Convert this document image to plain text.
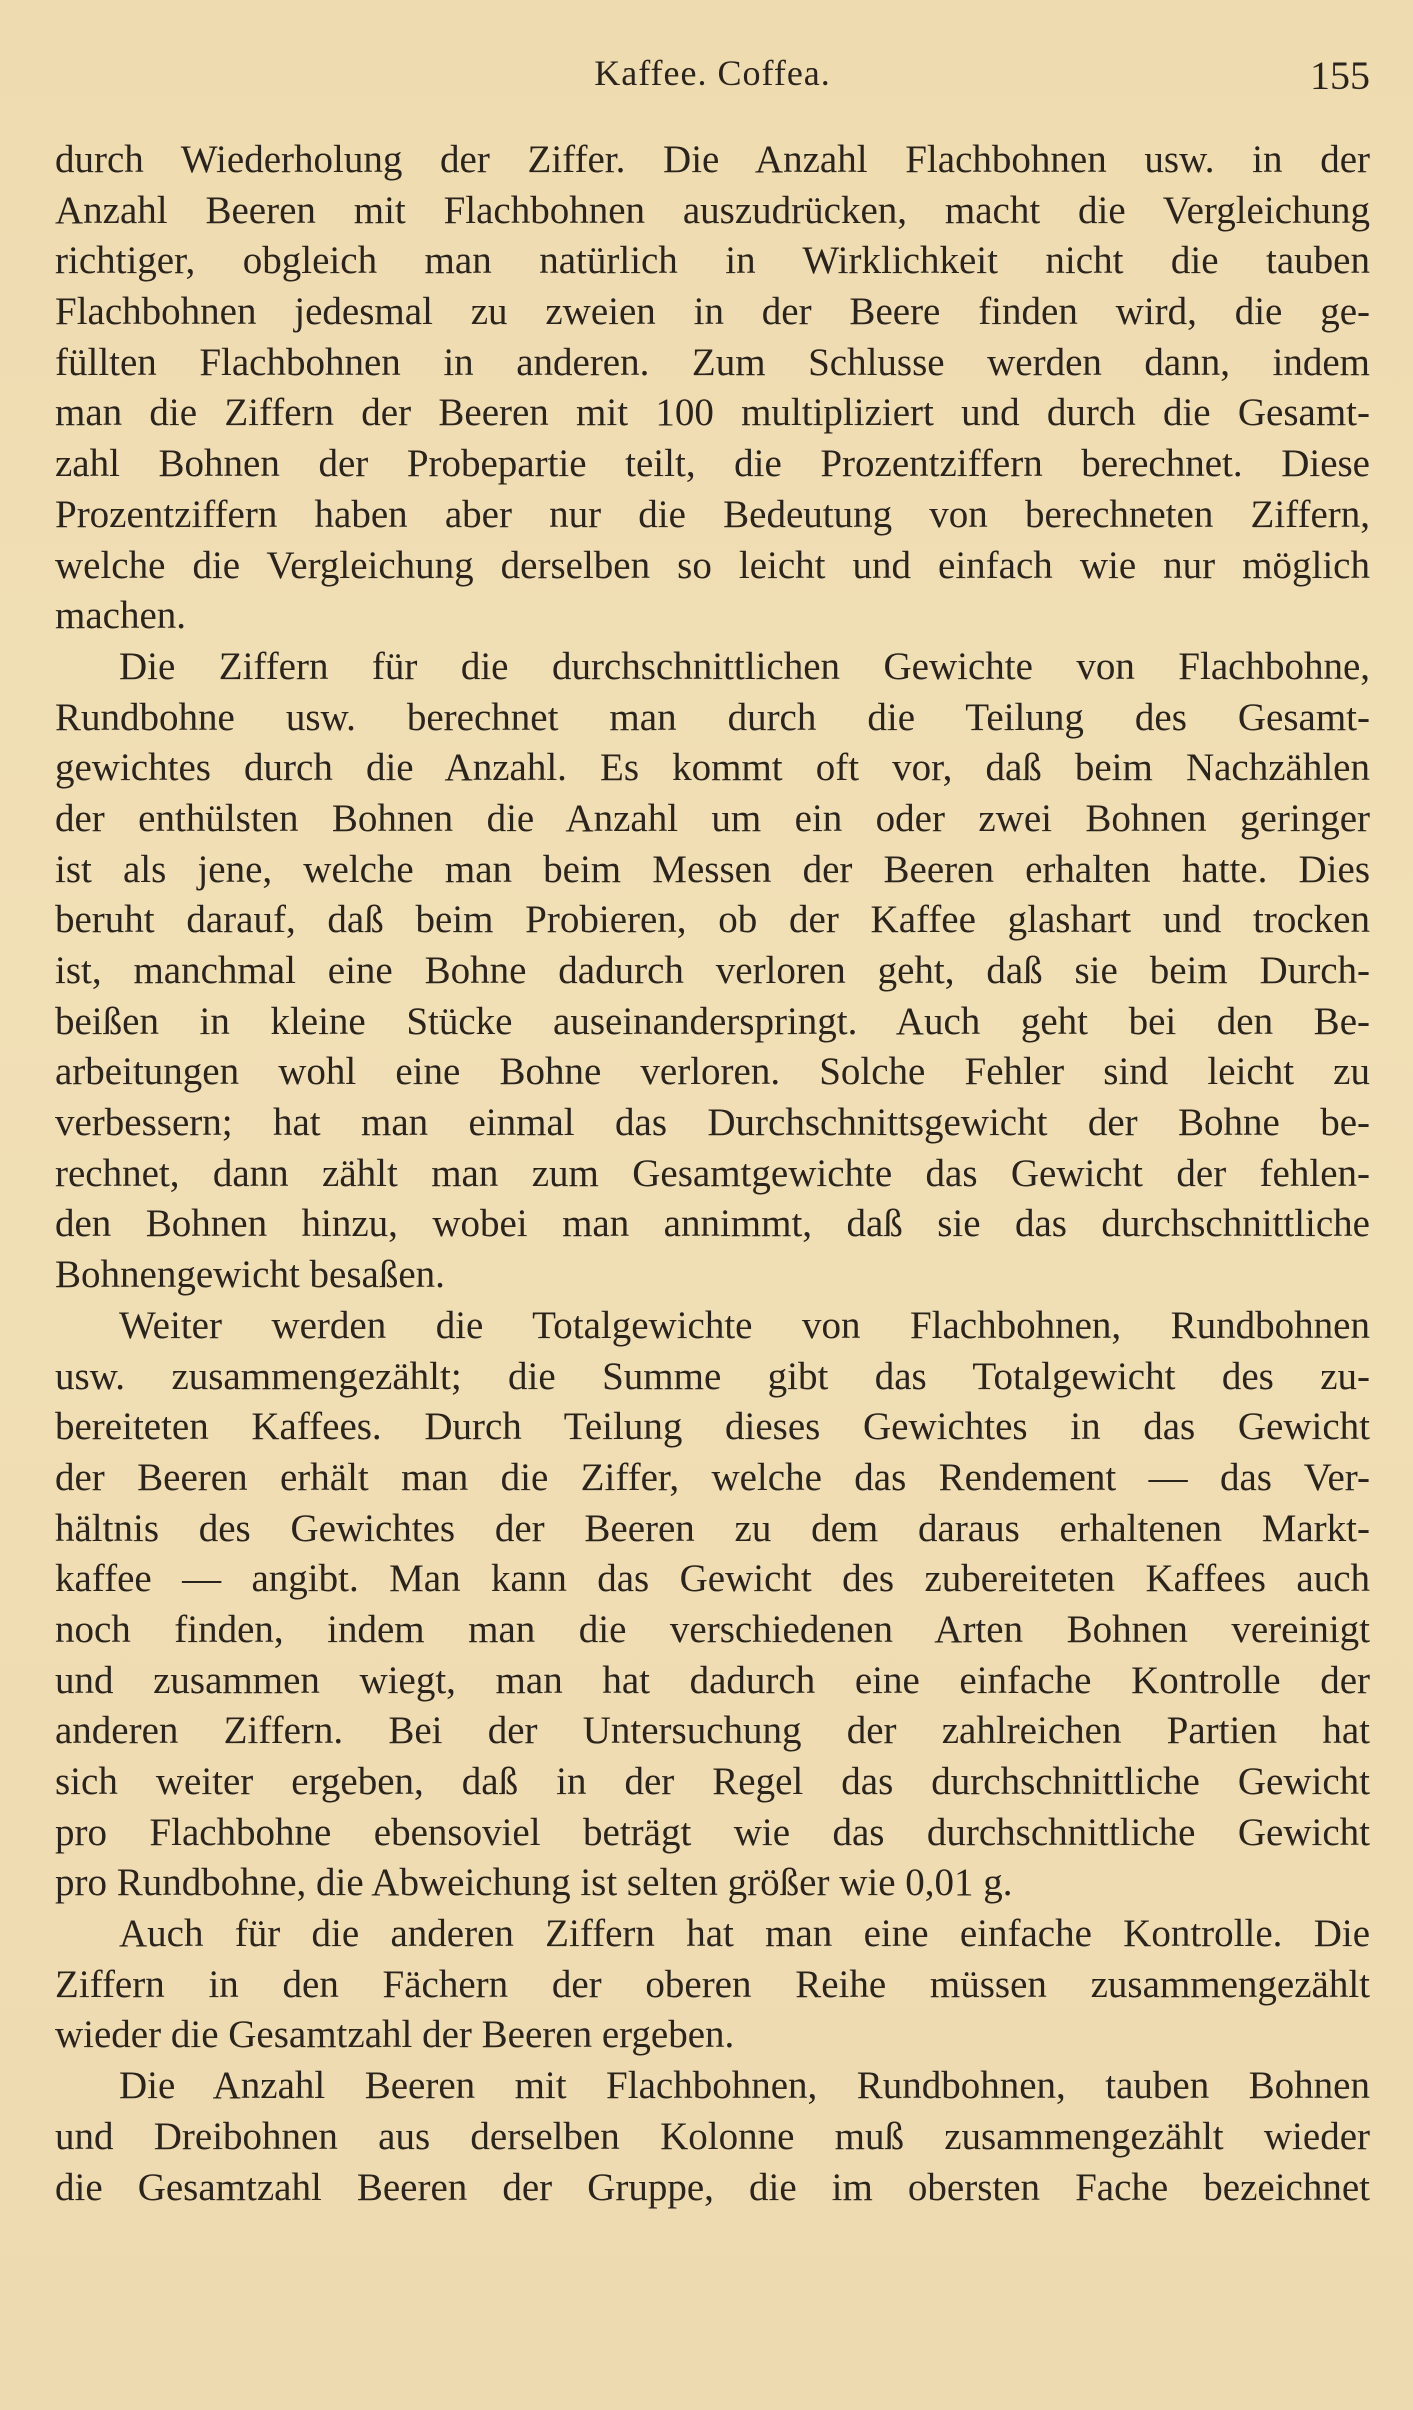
Kaffee. Coffea.	155
durch Wiederholung der Ziffer. Die Anzahl Flachbohnen usw. in der
Anzahl Beeren mit Flachbohnen auszudrücken, macht die Vergleichung
richtiger, obgleich man natürlich in Wirklichkeit nicht die tauben
Flachbohnen jedesmal zu zweien in der Beere finden wird, die ge-
füllten Flachbohnen in anderen. Zum Schlusse werden dann, indem
man die Ziffern der Beeren mit 100 multipliziert und durch die Gesamt-
zahl Bohnen der Probepartie teilt, die Prozentziffern berechnet. Diese
Prozentziffern haben aber nur die Bedeutung von berechneten Ziffern,
welche die Vergleichung derselben so leicht und einfach wie nur möglich
machen.
Die Ziffern für die durchschnittlichen Gewichte von Flachbohne,
Rundbohne usw. berechnet man durch die Teilung des Gesamt-
gewichtes durch die Anzahl. Es kommt oft vor, daß beim Nachzählen
der enthülsten Bohnen die Anzahl um ein oder zwei Bohnen geringer
ist als jene, welche man beim Messen der Beeren erhalten hatte. Dies
beruht darauf, daß beim Probieren, ob der Kaffee glashart und trocken
ist, manchmal eine Bohne dadurch verloren geht, daß sie beim Durch-
beißen in kleine Stücke auseinanderspringt. Auch geht bei den Be-
arbeitungen wohl eine Bohne verloren. Solche Fehler sind leicht zu
verbessern; hat man einmal das Durchschnittsgewicht der Bohne be-
rechnet, dann zählt man zum Gesamtgewichte das Gewicht der fehlen-
den Bohnen hinzu, wobei man annimmt, daß sie das durchschnittliche
Bohnengewicht besaßen.
Weiter werden die Totalgewichte von Flachbohnen, Rundbohnen
usw. zusammengezählt; die Summe gibt das Totalgewicht des zu-
bereiteten Kaffees. Durch Teilung dieses Gewichtes in das Gewicht
der Beeren erhält man die Ziffer, welche das Rendement — das Ver-
hältnis des Gewichtes der Beeren zu dem daraus erhaltenen Markt-
kaffee — angibt. Man kann das Gewicht des zubereiteten Kaffees auch
noch finden, indem man die verschiedenen Arten Bohnen vereinigt
und zusammen wiegt, man hat dadurch eine einfache Kontrolle der
anderen Ziffern. Bei der Untersuchung der zahlreichen Partien hat
sich weiter ergeben, daß in der Regel das durchschnittliche Gewicht
pro Flachbohne ebensoviel beträgt wie das durchschnittliche Gewicht
pro Rundbohne, die Abweichung ist selten größer wie 0,01 g.
Auch für die anderen Ziffern hat man eine einfache Kontrolle. Die
Ziffern in den Fächern der oberen Reihe müssen zusammengezählt
wieder die Gesamtzahl der Beeren ergeben.
Die Anzahl Beeren mit Flachbohnen, Rundbohnen, tauben Bohnen
und Dreibohnen aus derselben Kolonne muß zusammengezählt wieder
die Gesamtzahl Beeren der Gruppe, die im obersten Fache bezeichnet
